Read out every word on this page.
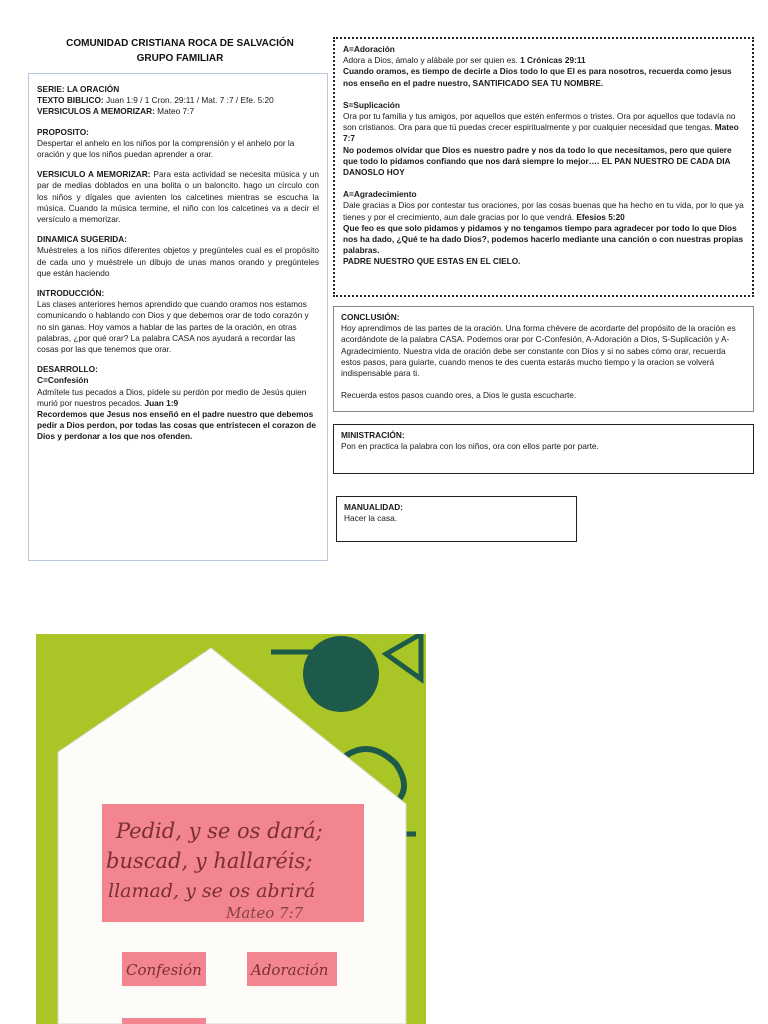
COMUNIDAD CRISTIANA ROCA DE SALVACIÓN
GRUPO FAMILIAR

SERIE: LA ORACIÓN

TEXTO BIBLICO: Juan 1:9 / 1 Cron. 29:11 / Mat. 7 :7 / Efe. 5:20

VERSICULOS A MEMORIZAR: Mateo 7:7

PROPOSITO:

Despertar el anhelo en los niños por la comprensión y el anhelo por la oración y que los niños puedan aprender a orar.

VERSICULO A MEMORIZAR: Para esta actividad se necesita música y un par de medias doblados en una bolita o un baloncito. hago un círculo con los niños y dígales que avienten los calcetines mientras se escucha la música. Cuando la música termine, el niño con los calcetines va a decir el versículo a memorizar.

DINAMICA SUGERIDA:

Muéstreles a los niños diferentes objetos y pregúnteles cual es el propósito de cada uno y muéstrele un dibujo de unas manos orando y pregúnteles que están haciendo

INTRODUCCIÓN:

Las clases anteriores hemos aprendido que cuando oramos nos estamos comunicando o hablando con Dios y que debemos orar de todo corazón y no sin ganas. Hoy vamos a hablar de las partes de la oración, en otras palabras, ¿por qué orar? La palabra CASA nos ayudará a recordar las cosas por las que tenemos que orar.

DESARROLLO:

C=Confesión

Admítele tus pecados a Dios, pídele su perdón por medio de Jesús quien murió por nuestros pecados. Juan 1:9

Recordemos que Jesus nos enseñó en el padre nuestro que debemos pedir a Dios perdon, por todas las cosas que entristecen el corazon de Dios y perdonar a los que nos ofenden.

A=Adoración

Adora a Dios, ámalo y alábale por ser quien es. 1 Crónicas 29:11

Cuando oramos, es tiempo de decirle a Dios todo lo que El es para nosotros, recuerda como jesus nos enseño en el padre nuestro, SANTIFICADO SEA TU NOMBRE.

S=Suplicación

Ora por tu familia y tus amigos, por aquellos que estén enfermos o tristes. Ora por aquellos que todavía no son cristianos. Ora para que tú puedas crecer espiritualmente y por cualquier necesidad que tengas. Mateo 7:7

No podemos olvidar que Dios es nuestro padre y nos da todo lo que necesitamos, pero que quiere que todo lo pidamos confiando que nos dará siempre lo mejor…. EL PAN NUESTRO DE CADA DIA DANOSLO HOY

A=Agradecimiento

Dale gracias a Dios por contestar tus oraciones, por las cosas buenas que ha hecho en tu vida, por lo que ya tienes y por el crecimiento, aun dale gracias por lo que vendrá. Efesios 5:20

Que feo es que solo pidamos y pidamos y no tengamos tiempo para agradecer por todo lo que Dios nos ha dado, ¿Qué te ha dado Dios?, podemos hacerlo mediante una canción o con nuestras propias palabras.

PADRE NUESTRO QUE ESTAS EN EL CIELO.

CONCLUSIÓN:

Hoy aprendimos de las partes de la oración. Una forma chévere de acordarte del propósito de la oración es acordándote de la palabra CASA. Podemos orar por C-Confesión, A-Adoración a Dios, S-Suplicación y A-Agradecimiento. Nuestra vida de oración debe ser constante con Dios y si no sabes cómo orar, recuerda estos pasos, para guiarte, cuando menos te des cuenta estarás mucho tiempo y la oracion se volverá indispensable para ti.

Recuerda estos pasos cuando ores, a Dios le gusta escucharte.

MINISTRACIÓN:

Pon en practica la palabra con los niños, ora con ellos parte por parte.

MANUALIDAD:

Hacer la casa.

Pedid, y se os dará;
buscad, y hallaréis;
llamad, y se os abrirá
Mateo 7:7
Confesión	Adoración
